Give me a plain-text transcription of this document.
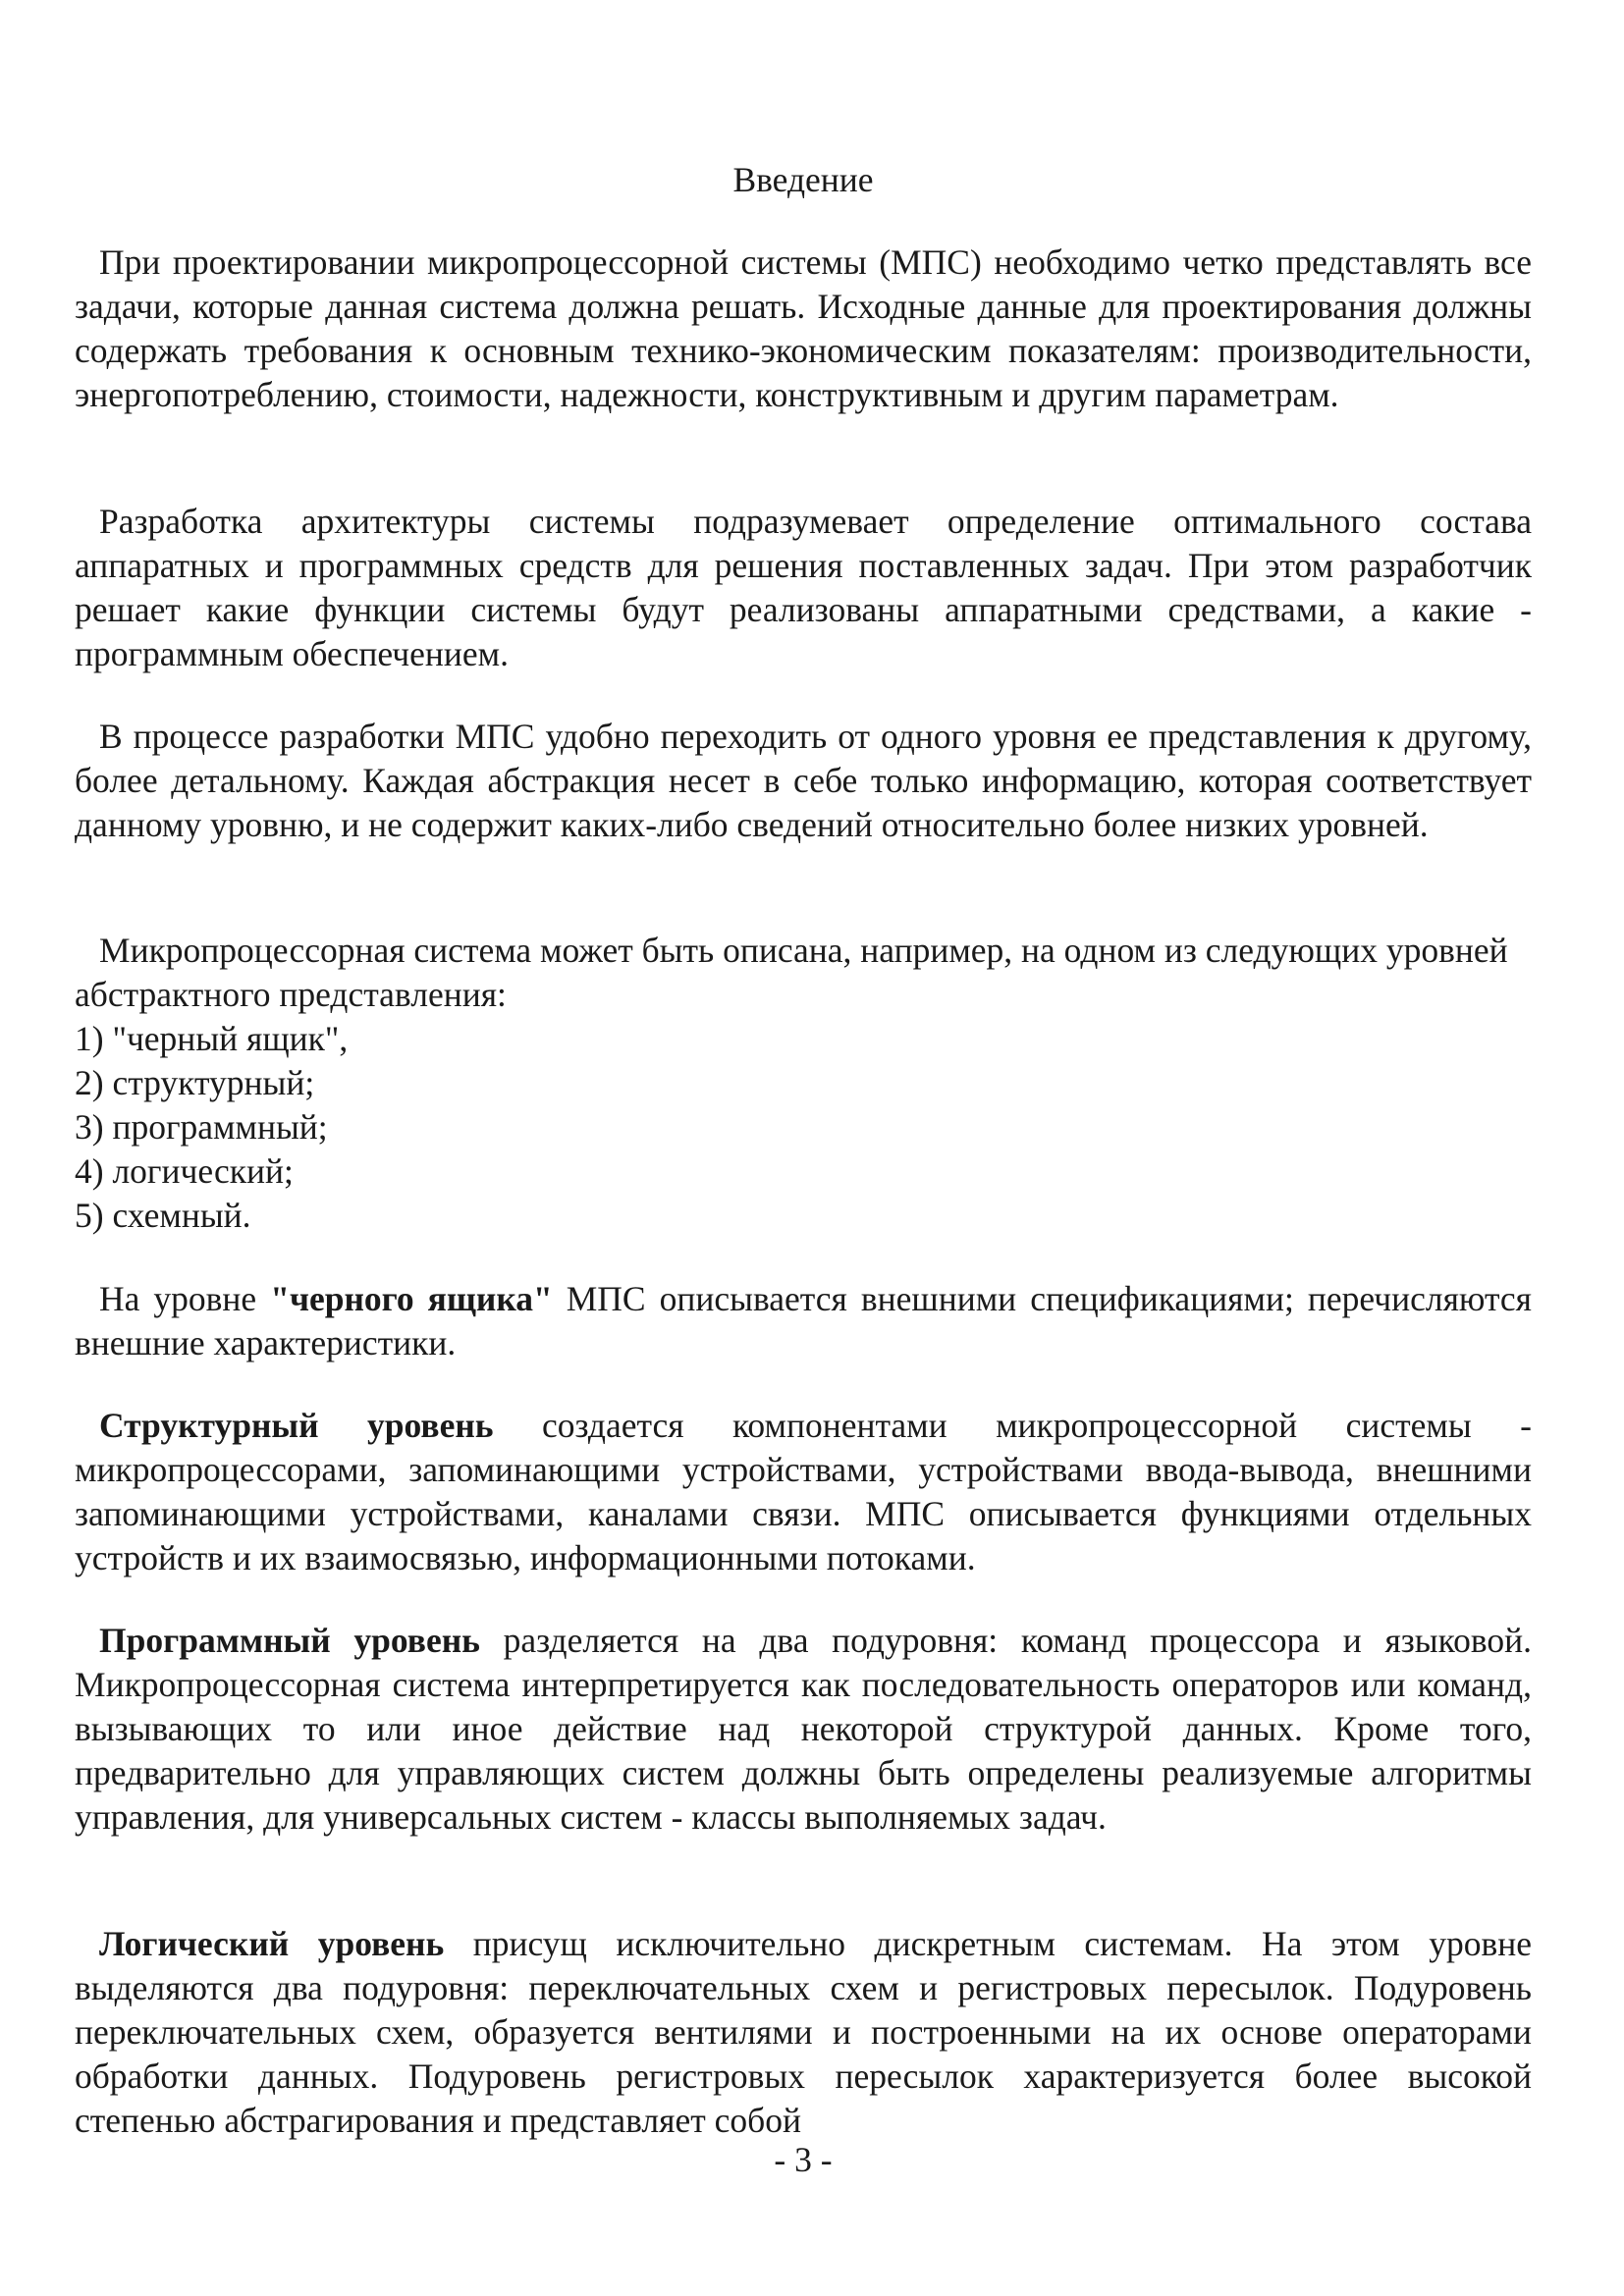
Введение

При проектировании микропроцессорной системы (МПС) необходимо четко представлять все задачи, которые данная система должна решать. Исходные данные для проектирования должны содержать требования к основным технико-экономическим показателям: производительности, энергопотреблению, стоимости, надежности, конструктивным и другим параметрам.

Разработка архитектуры системы подразумевает определение оптимального состава аппаратных и программных средств для решения поставленных задач. При этом разработчик решает какие функции системы будут реализованы аппаратными средствами, а какие - программным обеспечением.

В процессе разработки МПС удобно переходить от одного уровня ее представления к другому, более детальному. Каждая абстракция несет в себе только информацию, которая соответствует данному уровню, и не содержит каких-либо сведений относительно более низких уровней.

Микропроцессорная система может быть описана, например, на одном из следующих уровней абстрактного представления:

1) "черный ящик",

2) структурный;

3) программный;

4) логический;

5) схемный.

На уровне "черного ящика" МПС описывается внешними спецификациями; перечисляются внешние характеристики.

Структурный уровень создается компонентами микропроцессорной системы - микропроцессорами, запоминающими устройствами, устройствами ввода-вывода, внешними запоминающими устройствами, каналами связи. МПС описывается функциями отдельных устройств и их взаимосвязью, информационными потоками.

Программный уровень разделяется на два подуровня: команд процессора и языковой. Микропроцессорная система интерпретируется как последовательность операторов или команд, вызывающих то или иное действие над некоторой структурой данных. Кроме того, предварительно для управляющих систем должны быть определены реализуемые алгоритмы управления, для универсальных систем - классы выполняемых задач.

Логический уровень присущ исключительно дискретным системам. На этом уровне выделяются два подуровня: переключательных схем и регистровых пересылок. Подуровень переключательных схем, образуется вентилями и построенными на их основе операторами обработки данных. Подуровень регистровых пересылок характеризуется более высокой степенью абстрагирования и представляет собой

- 3 -
